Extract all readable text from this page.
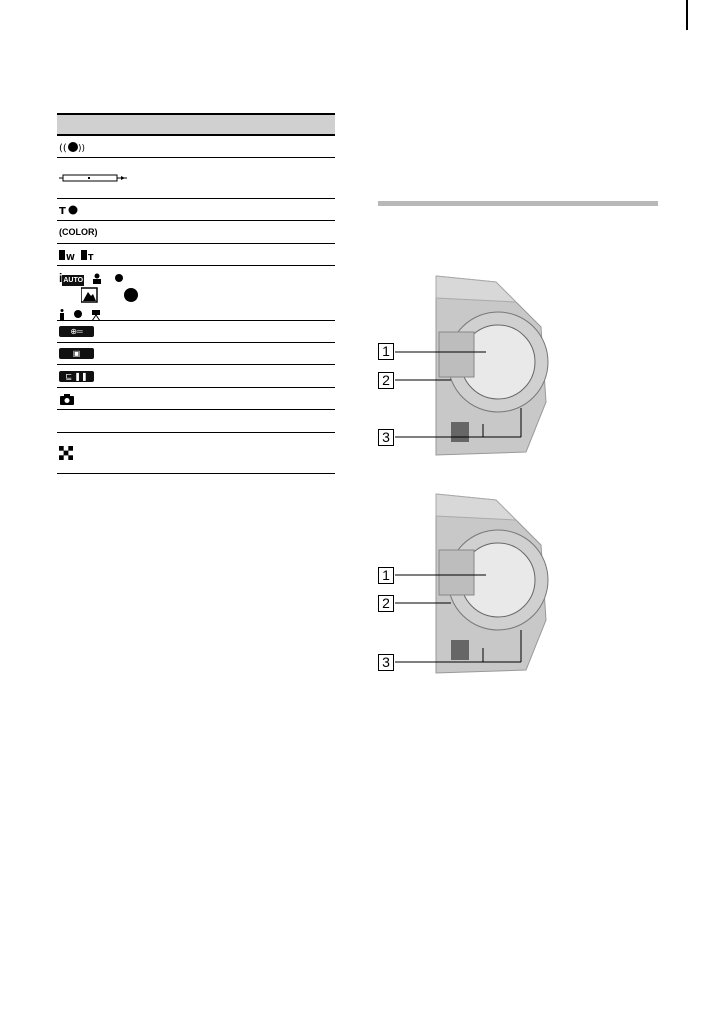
(( ))
T
(COLOR)
W T
iAUTO
⊕═
▣
⊑ ❚❚
1
2
3
1
2
3
